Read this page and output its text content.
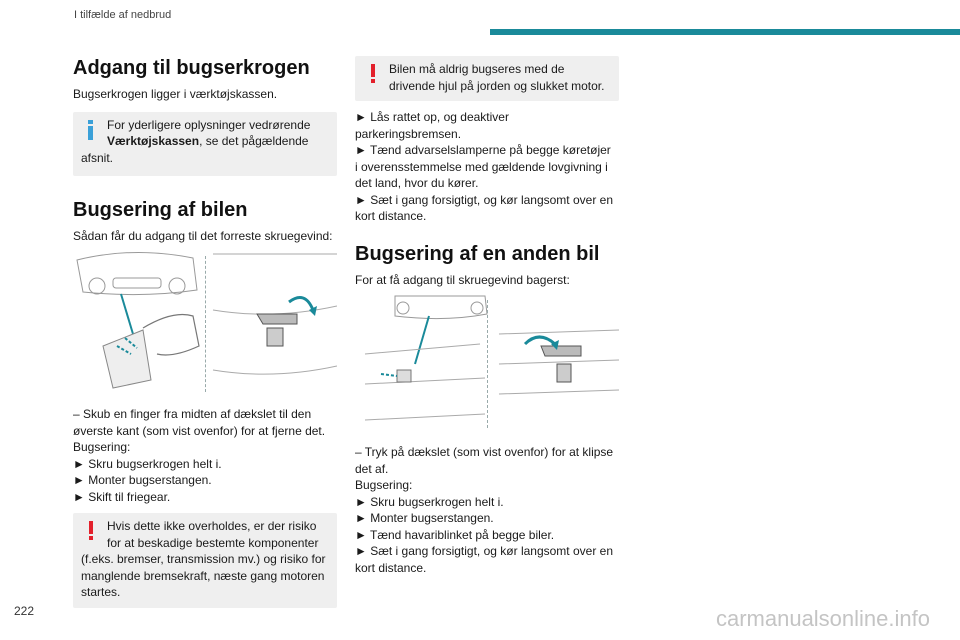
I tilfælde af nedbrud
Adgang til bugserkrogen

Bugserkrogen ligger i værktøjskassen.

For yderligere oplysninger vedrørende
Værktøjskassen, se det pågældende
afsnit.
Bugsering af bilen

Sådan får du adgang til det forreste skruegevind:

– Skub en finger fra midten af dækslet til den

øverste kant (som vist ovenfor) for at fjerne det.

Bugsering:

► Skru bugserkrogen helt i.

► Monter bugserstangen.

► Skift til friegear.

Hvis dette ikke overholdes, er der risiko
for at beskadige bestemte komponenter
(f.eks. bremser, transmission mv.) og risiko for
manglende bremsekraft, næste gang motoren
startes.
Bilen må aldrig bugseres med de
drivende hjul på jorden og slukket motor.

► Lås rattet op, og deaktiver

parkeringsbremsen.

► Tænd advarselslamperne på begge køretøjer

i overensstemmelse med gældende lovgivning i

det land, hvor du kører.

► Sæt i gang forsigtigt, og kør langsomt over en

kort distance.

Bugsering af en anden bil

For at få adgang til skruegevind bagerst:

– Tryk på dækslet (som vist ovenfor) for at klipse

det af.

Bugsering:

► Skru bugserkrogen helt i.

► Monter bugserstangen.

► Tænd havariblinket på begge biler.

► Sæt i gang forsigtigt, og kør langsomt over en

kort distance.

222	carmanualsonline.info
